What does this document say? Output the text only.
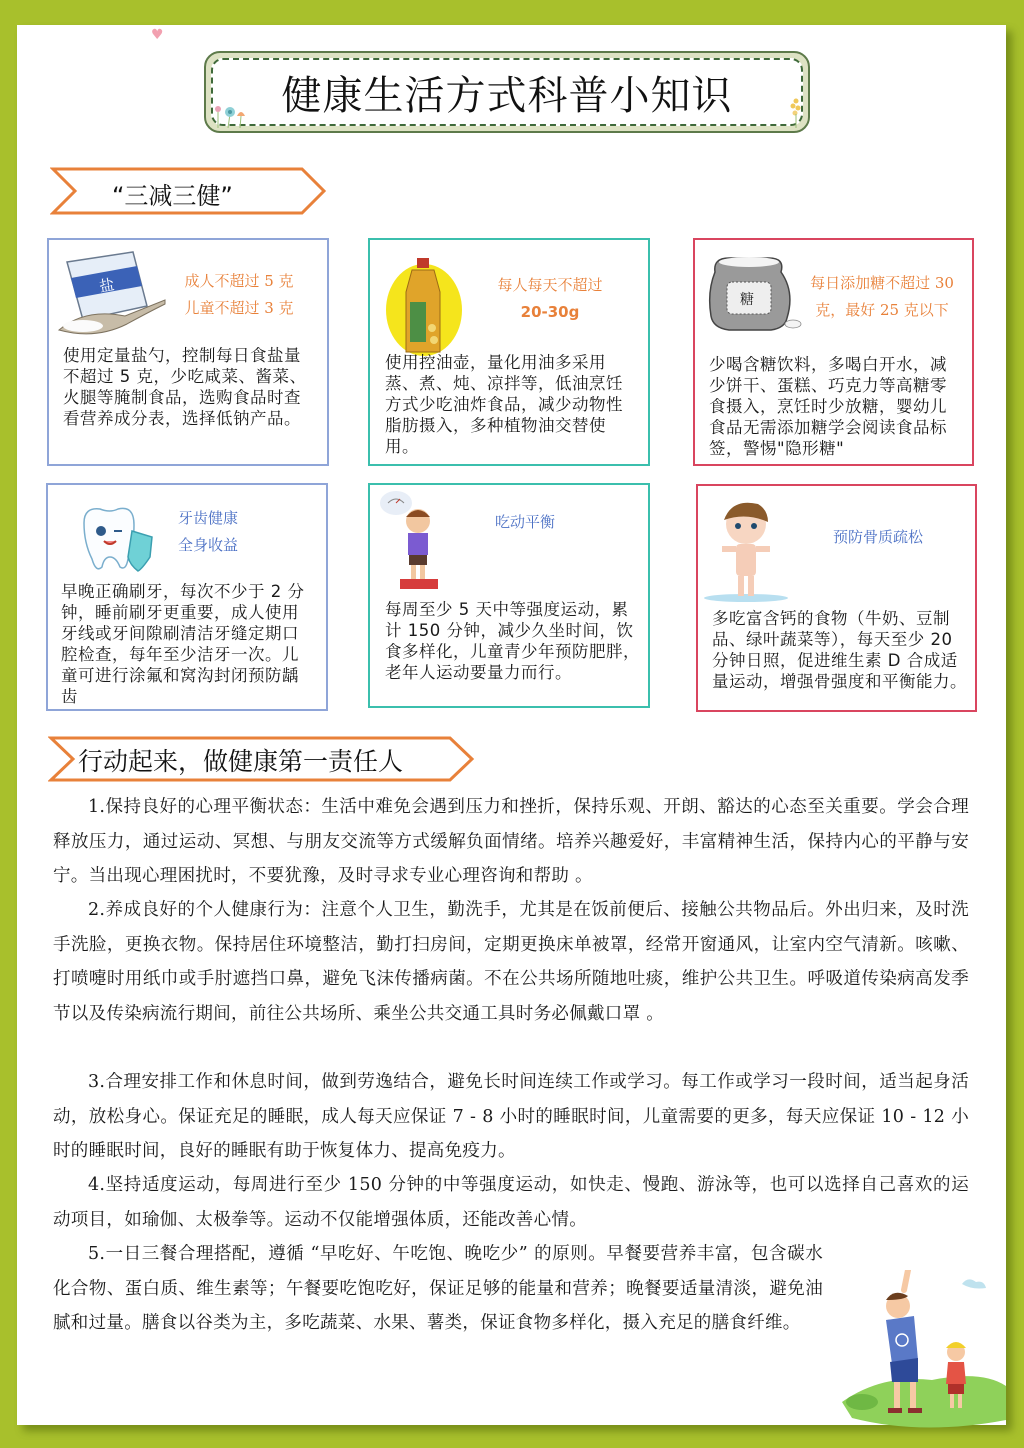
♥
健康生活方式科普小知识
“三减三健”
盐	成人不超过 5 克
儿童不超过 3 克
使用定量盐勺，控制每日食盐量不超过 5 克，少吃咸菜、酱菜、火腿等腌制食品，选购食品时查看营养成分表，选择低钠产品。
每人每天不超过
20-30g
使用控油壶，量化用油多采用蒸、煮、炖、凉拌等，低油烹饪方式少吃油炸食品，减少动物性脂肪摄入，多种植物油交替使用。
糖
每日添加糖不超过 30
克，最好 25 克以下
少喝含糖饮料，多喝白开水，减少饼干、蛋糕、巧克力等高糖零食摄入，烹饪时少放糖，婴幼儿食品无需添加糖学会阅读食品标签，警惕"隐形糖"
牙齿健康
全身收益
早晚正确刷牙，每次不少于 2 分钟，睡前刷牙更重要，成人使用牙线或牙间隙刷清洁牙缝定期口腔检查，每年至少洁牙一次。儿童可进行涂氟和窝沟封闭预防龋齿
吃动平衡
每周至少 5 天中等强度运动，累计 150 分钟，减少久坐时间，饮食多样化，儿童青少年预防肥胖，老年人运动要量力而行。
预防骨质疏松
多吃富含钙的食物（牛奶、豆制品、绿叶蔬菜等），每天至少 20 分钟日照，促进维生素 D 合成适量运动，增强骨强度和平衡能力。
行动起来，做健康第一责任人

1.保持良好的心理平衡状态：生活中难免会遇到压力和挫折，保持乐观、开朗、豁达的心态至关重要。学会合理释放压力，通过运动、冥想、与朋友交流等方式缓解负面情绪。培养兴趣爱好，丰富精神生活，保持内心的平静与安宁。当出现心理困扰时，不要犹豫，及时寻求专业心理咨询和帮助 。

2.养成良好的个人健康行为：注意个人卫生，勤洗手，尤其是在饭前便后、接触公共物品后。外出归来，及时洗手洗脸，更换衣物。保持居住环境整洁，勤打扫房间，定期更换床单被罩，经常开窗通风，让室内空气清新。咳嗽、打喷嚏时用纸巾或手肘遮挡口鼻，避免飞沫传播病菌。不在公共场所随地吐痰，维护公共卫生。呼吸道传染病高发季节以及传染病流行期间，前往公共场所、乘坐公共交通工具时务必佩戴口罩 。

3.合理安排工作和休息时间，做到劳逸结合，避免长时间连续工作或学习。每工作或学习一段时间，适当起身活动，放松身心。保证充足的睡眠，成人每天应保证 7 - 8 小时的睡眠时间，儿童需要的更多，每天应保证 10 - 12 小时的睡眠时间，良好的睡眠有助于恢复体力、提高免疫力。

4.坚持适度运动，每周进行至少 150 分钟的中等强度运动，如快走、慢跑、游泳等，也可以选择自己喜欢的运动项目，如瑜伽、太极拳等。运动不仅能增强体质，还能改善心情。

5.一日三餐合理搭配，遵循 “早吃好、午吃饱、晚吃少” 的原则。早餐要营养丰富，包含碳水化合物、蛋白质、维生素等；午餐要吃饱吃好，保证足够的能量和营养；晚餐要适量清淡，避免油腻和过量。膳食以谷类为主，多吃蔬菜、水果、薯类，保证食物多样化，摄入充足的膳食纤维。
